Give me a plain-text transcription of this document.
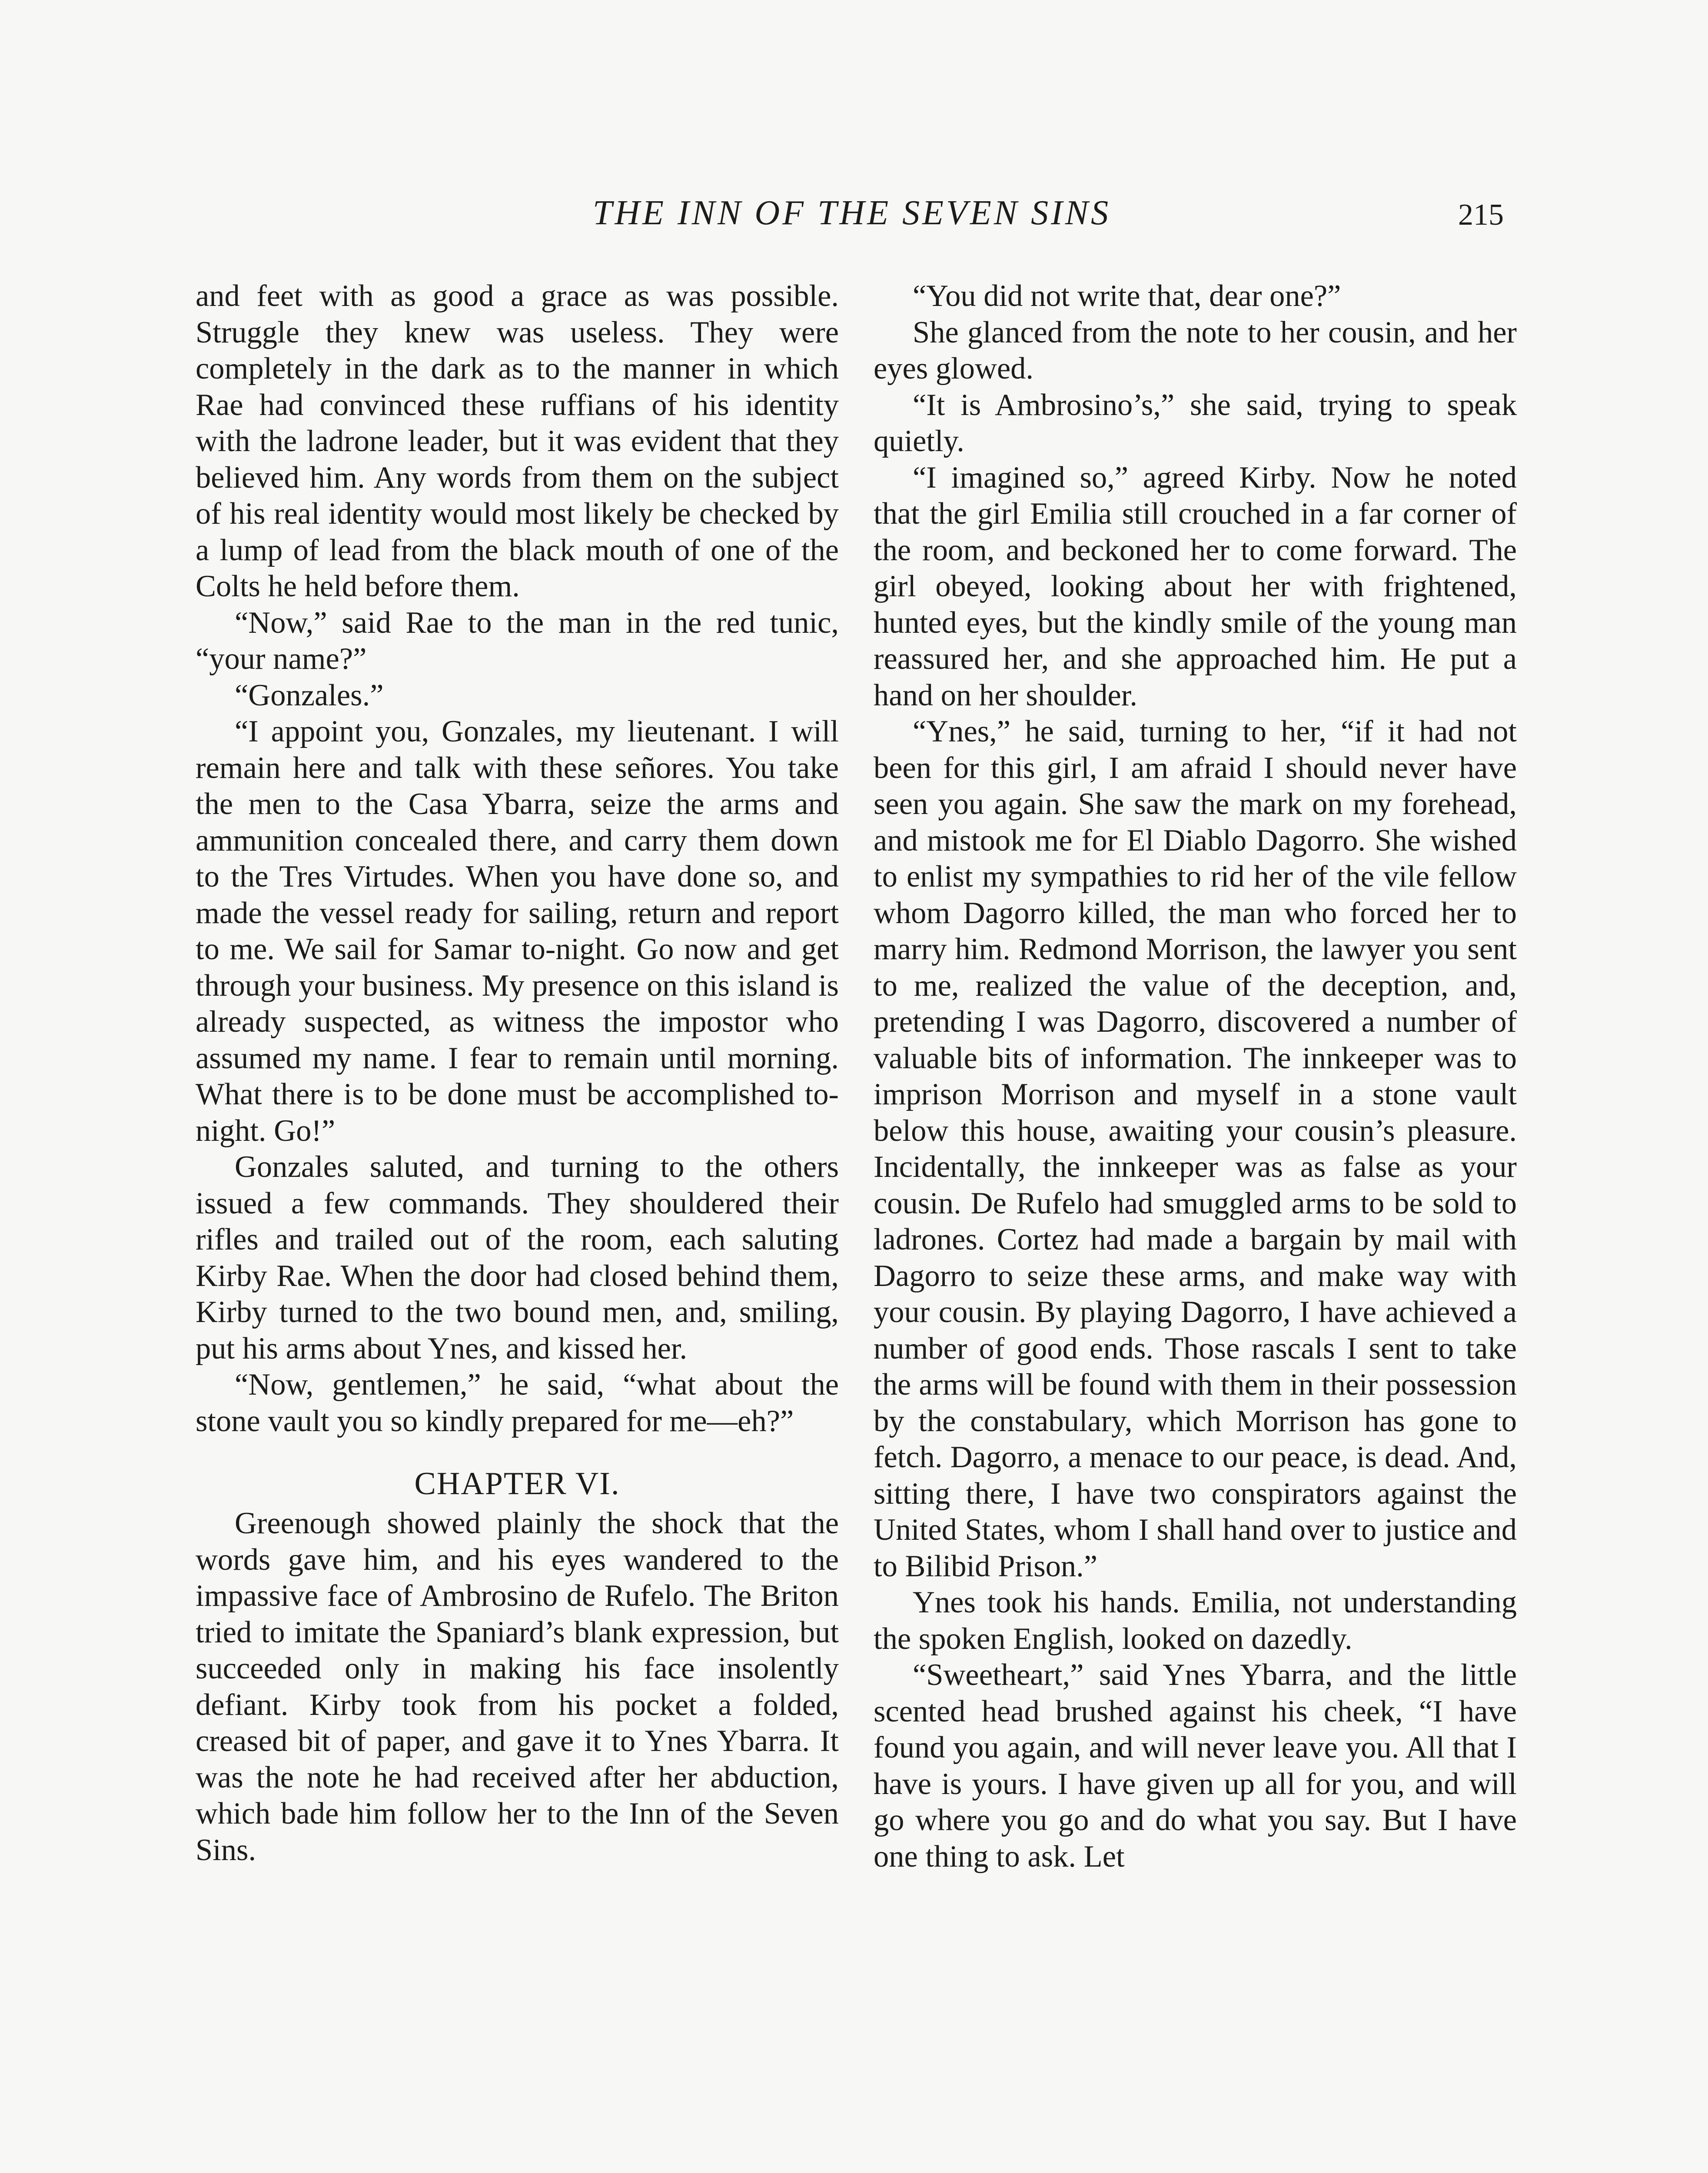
THE INN OF THE SEVEN SINS	215

and feet with as good a grace as was possible. Struggle they knew was useless. They were completely in the dark as to the manner in which Rae had convinced these ruffians of his identity with the ladrone leader, but it was evident that they believed him. Any words from them on the subject of his real identity would most likely be checked by a lump of lead from the black mouth of one of the Colts he held before them.

“Now,” said Rae to the man in the red tunic, “your name?”

“Gonzales.”

“I appoint you, Gonzales, my lieutenant. I will remain here and talk with these señores. You take the men to the Casa Ybarra, seize the arms and ammunition concealed there, and carry them down to the Tres Virtudes. When you have done so, and made the vessel ready for sailing, return and report to me. We sail for Samar to-night. Go now and get through your business. My presence on this island is already suspected, as witness the impostor who assumed my name. I fear to remain until morning. What there is to be done must be accomplished to-night. Go!”

Gonzales saluted, and turning to the others issued a few commands. They shouldered their rifles and trailed out of the room, each saluting Kirby Rae. When the door had closed behind them, Kirby turned to the two bound men, and, smiling, put his arms about Ynes, and kissed her.

“Now, gentlemen,” he said, “what about the stone vault you so kindly prepared for me—eh?”

CHAPTER VI.

Greenough showed plainly the shock that the words gave him, and his eyes wandered to the impassive face of Ambrosino de Rufelo. The Briton tried to imitate the Spaniard’s blank expression, but succeeded only in making his face insolently defiant. Kirby took from his pocket a folded, creased bit of paper, and gave it to Ynes Ybarra. It was the note he had received after her abduction, which bade him follow her to the Inn of the Seven Sins.

“You did not write that, dear one?”

She glanced from the note to her cousin, and her eyes glowed.

“It is Ambrosino’s,” she said, trying to speak quietly.

“I imagined so,” agreed Kirby. Now he noted that the girl Emilia still crouched in a far corner of the room, and beckoned her to come forward. The girl obeyed, looking about her with frightened, hunted eyes, but the kindly smile of the young man reassured her, and she approached him. He put a hand on her shoulder.

“Ynes,” he said, turning to her, “if it had not been for this girl, I am afraid I should never have seen you again. She saw the mark on my forehead, and mistook me for El Diablo Dagorro. She wished to enlist my sympathies to rid her of the vile fellow whom Dagorro killed, the man who forced her to marry him. Redmond Morrison, the lawyer you sent to me, realized the value of the deception, and, pretending I was Dagorro, discovered a number of valuable bits of information. The innkeeper was to imprison Morrison and myself in a stone vault below this house, awaiting your cousin’s pleasure. Incidentally, the innkeeper was as false as your cousin. De Rufelo had smuggled arms to be sold to ladrones. Cortez had made a bargain by mail with Dagorro to seize these arms, and make way with your cousin. By playing Dagorro, I have achieved a number of good ends. Those rascals I sent to take the arms will be found with them in their possession by the constabulary, which Morrison has gone to fetch. Dagorro, a menace to our peace, is dead. And, sitting there, I have two conspirators against the United States, whom I shall hand over to justice and to Bilibid Prison.”

Ynes took his hands. Emilia, not understanding the spoken English, looked on dazedly.

“Sweetheart,” said Ynes Ybarra, and the little scented head brushed against his cheek, “I have found you again, and will never leave you. All that I have is yours. I have given up all for you, and will go where you go and do what you say. But I have one thing to ask. Let
